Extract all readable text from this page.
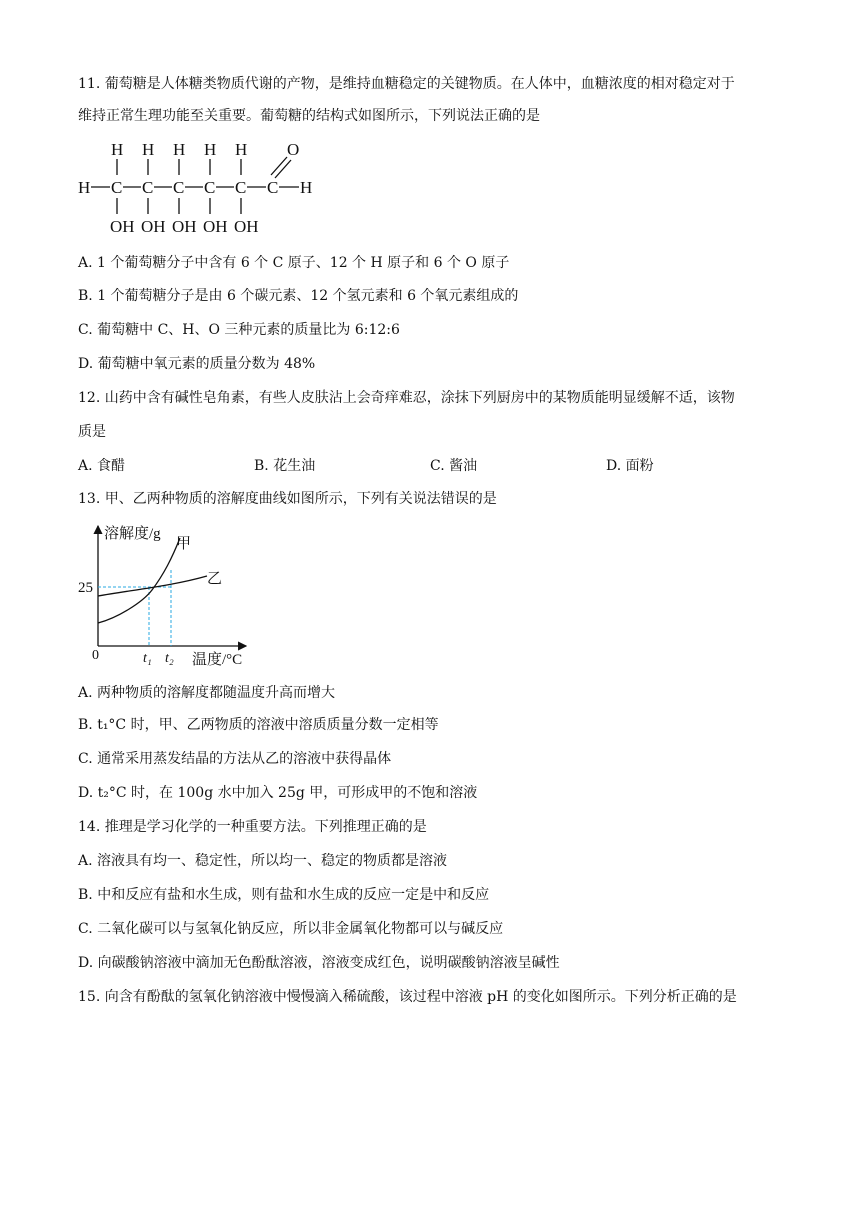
11. 葡萄糖是人体糖类物质代谢的产物，是维持血糖稳定的关键物质。在人体中，血糖浓度的相对稳定对于
维持正常生理功能至关重要。葡萄糖的结构式如图所示，下列说法正确的是
H H H H H O
H C C C C C C H
OH OH OH OH OH
A. 1 个葡萄糖分子中含有 6 个 C 原子、12 个 H 原子和 6 个 O 原子
B. 1 个葡萄糖分子是由 6 个碳元素、12 个氢元素和 6 个氧元素组成的
C. 葡萄糖中 C、H、O 三种元素的质量比为 6:12:6
D. 葡萄糖中氧元素的质量分数为 48%
12. 山药中含有碱性皂角素，有些人皮肤沾上会奇痒难忍，涂抹下列厨房中的某物质能明显缓解不适，该物
质是
A. 食醋	B. 花生油	C. 酱油	D. 面粉
13. 甲、乙两种物质的溶解度曲线如图所示，下列有关说法错误的是
溶解度/g
温度/°C
0
25
t₁ t₂
甲
乙
A. 两种物质的溶解度都随温度升高而增大
B. t₁°C 时，甲、乙两物质的溶液中溶质质量分数一定相等
C. 通常采用蒸发结晶的方法从乙的溶液中获得晶体
D. t₂°C 时，在 100g 水中加入 25g 甲，可形成甲的不饱和溶液
14. 推理是学习化学的一种重要方法。下列推理正确的是
A. 溶液具有均一、稳定性，所以均一、稳定的物质都是溶液
B. 中和反应有盐和水生成，则有盐和水生成的反应一定是中和反应
C. 二氧化碳可以与氢氧化钠反应，所以非金属氧化物都可以与碱反应
D. 向碳酸钠溶液中滴加无色酚酞溶液，溶液变成红色，说明碳酸钠溶液呈碱性
15. 向含有酚酞的氢氧化钠溶液中慢慢滴入稀硫酸，该过程中溶液 pH 的变化如图所示。下列分析正确的是
